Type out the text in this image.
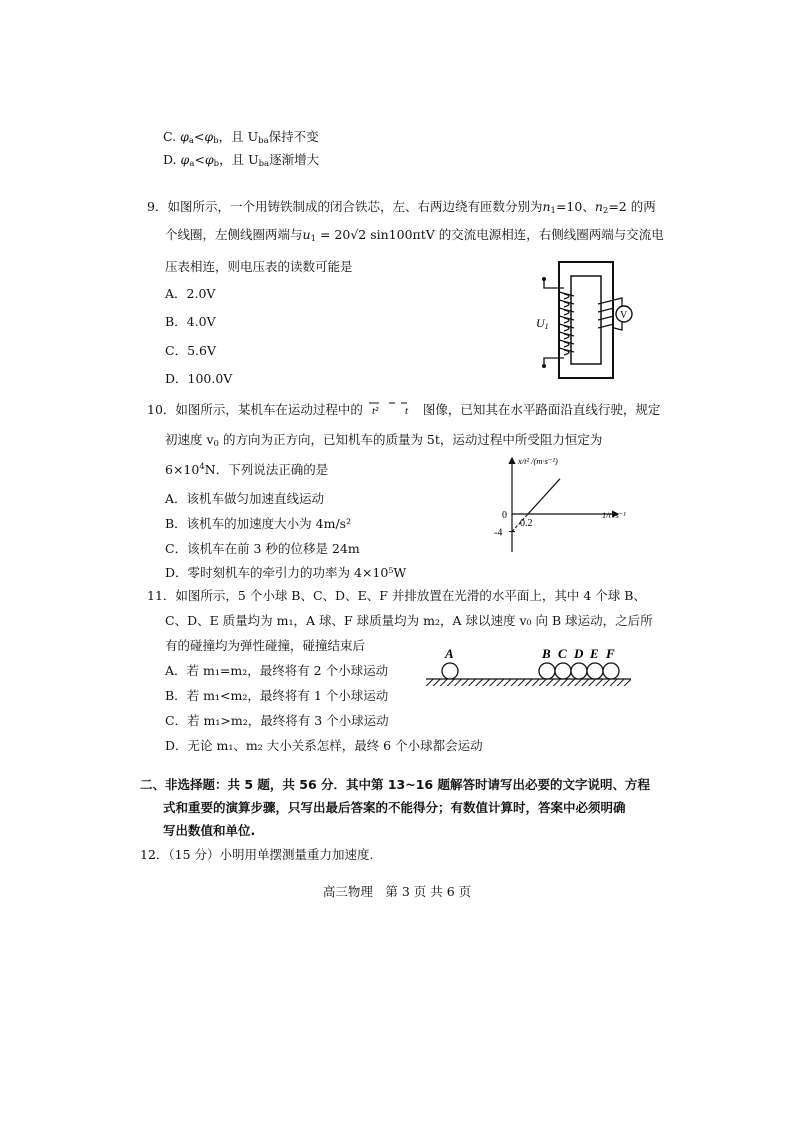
C. $\varphi_a<\varphi_b$，且 $U_{ba}$保持不变
D. $\varphi_a<\varphi_b$，且 $U_{ba}$逐渐增大
9．如图所示，一个用铸铁制成的闭合铁芯，左、右两边绕有匝数分别为$n_1=10$、$n_2=2$ 的两
个线圈，左侧线圈两端与$u_1 = 20√2$ sin100πtV 的交流电源相连，右侧线圈两端与交流电
压表相连，则电压表的读数可能是
A．2.0V
B．4.0V
C．5.6V
D．100.0V
U1
V
10．如图所示，某机车在运动过程中的 t² t 图像，已知其在水平路面沿直线行驶，规定
初速度 $v_0$ 的方向为正方向，已知机车的质量为 5t，运动过程中所受阻力恒定为
$6\times 10^4N$．下列说法正确的是
A．该机车做匀加速直线运动
B．该机车的加速度大小为 4m/s²
C．该机车在前 3 秒的位移是 24m
D．零时刻机车的牵引力的功率为 4×10⁵W
0
0.2
-4
x/t² /(m·s⁻²)
1/t /s⁻¹
11．如图所示，5 个小球 B、C、D、E、F 并排放置在光滑的水平面上，其中 4 个球 B、
C、D、E 质量均为 m₁，A 球、F 球质量均为 m₂，A 球以速度 v₀ 向 B 球运动，之后所
有的碰撞均为弹性碰撞，碰撞结束后
A．若 m₁=m₂，最终将有 2 个小球运动
B．若 m₁<m₂，最终将有 1 个小球运动
C．若 m₁>m₂，最终将有 3 个小球运动
D．无论 m₁、m₂ 大小关系怎样，最终 6 个小球都会运动
A	B C D E F
二、非选择题：共 5 题，共 56 分．其中第 13~16 题解答时请写出必要的文字说明、方程
式和重要的演算步骤，只写出最后答案的不能得分；有数值计算时，答案中必须明确
写出数值和单位.
12．（15 分）小明用单摆测量重力加速度.
高三物理　第 3 页 共 6 页
